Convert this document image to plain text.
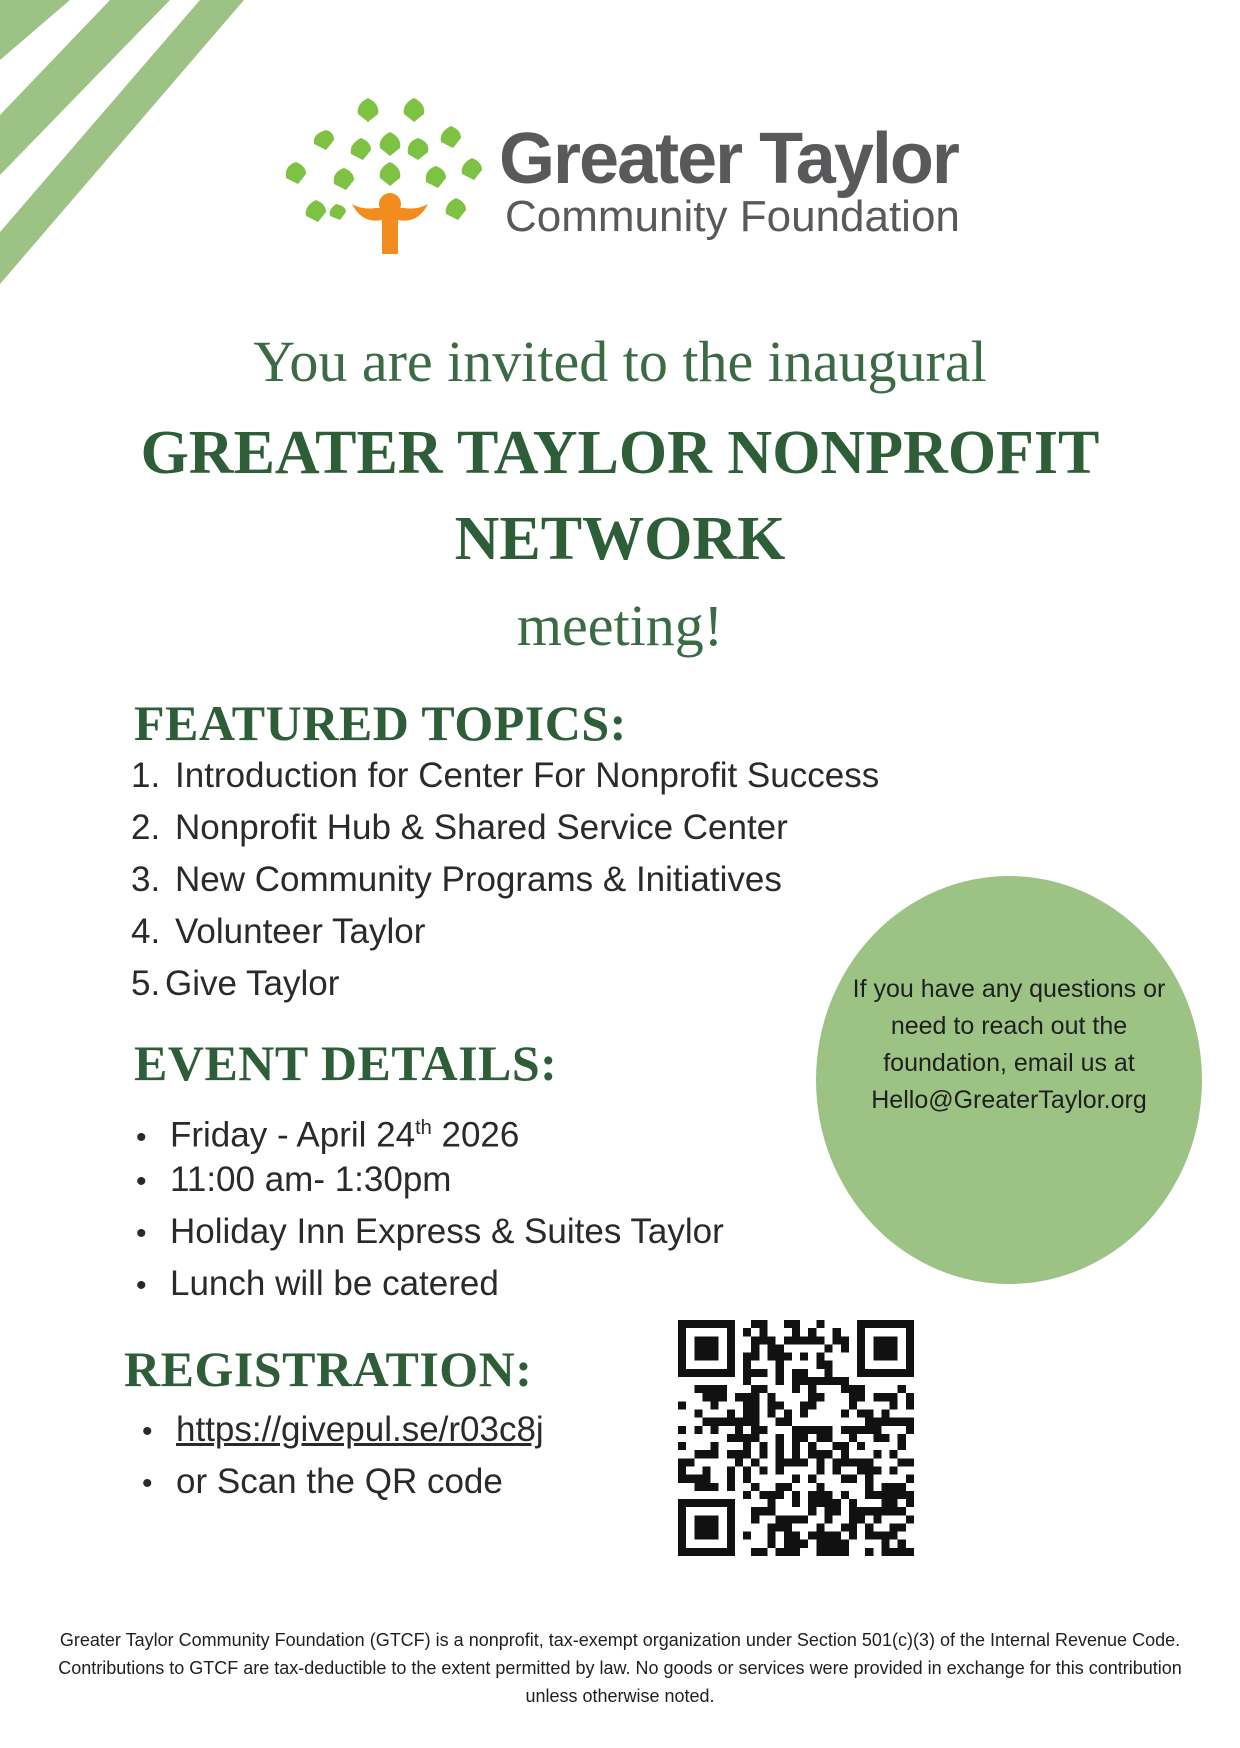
Greater Taylor
Community Foundation
You are invited to the inaugural
GREATER TAYLOR NONPROFIT
NETWORK
meeting!
FEATURED TOPICS:
1. Introduction for Center For Nonprofit Success
2. Nonprofit Hub & Shared Service Center
3. New Community Programs & Initiatives
4. Volunteer Taylor
5. Give Taylor
EVENT DETAILS:
• Friday - April 24th 2026
• 11:00 am- 1:30pm
• Holiday Inn Express & Suites Taylor
• Lunch will be catered
REGISTRATION:
• https://givepul.se/r03c8j
• or Scan the QR code
If you have any questions or need to reach out the foundation, email us at Hello@GreaterTaylor.org
Greater Taylor Community Foundation (GTCF) is a nonprofit, tax-exempt organization under Section 501(c)(3) of the Internal Revenue Code. Contributions to GTCF are tax-deductible to the extent permitted by law. No goods or services were provided in exchange for this contribution unless otherwise noted.
